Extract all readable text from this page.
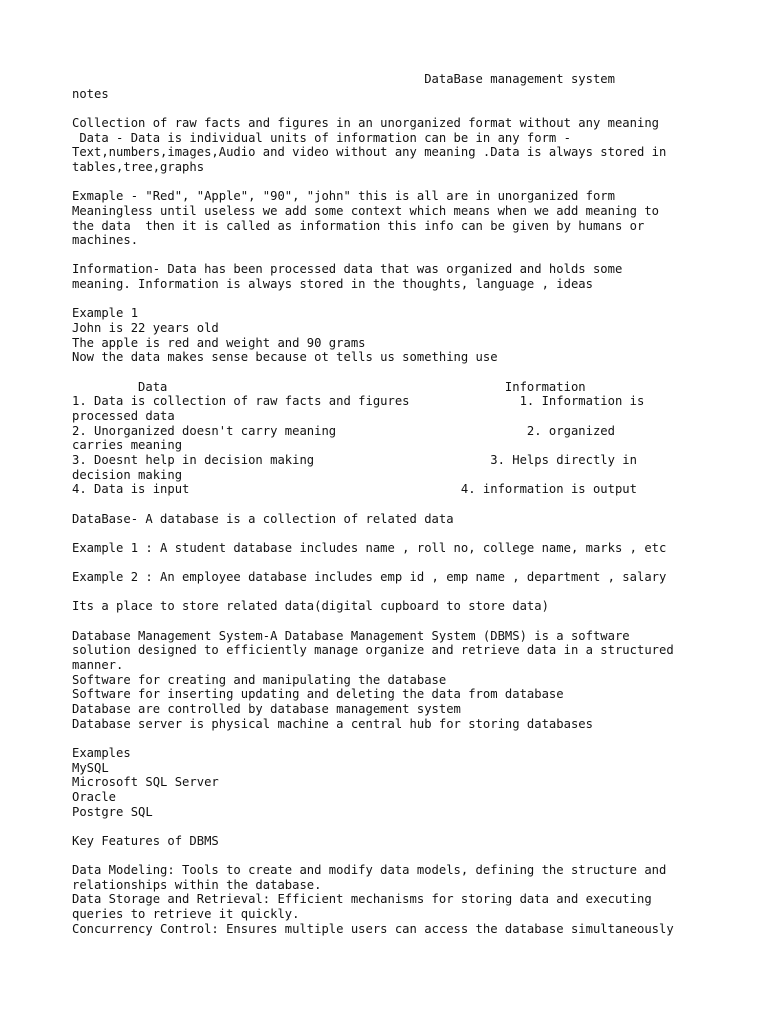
DataBase management system
notes
Collection of raw facts and figures in an unorganized format without any meaning
Data - Data is individual units of information can be in any form -
Text,numbers,images,Audio and video without any meaning .Data is always stored in
tables,tree,graphs
Exmaple - "Red", "Apple", "90", "john" this is all are in unorganized form
Meaningless until useless we add some context which means when we add meaning to
the data  then it is called as information this info can be given by humans or
machines.
Information- Data has been processed data that was organized and holds some
meaning. Information is always stored in the thoughts, language , ideas
Example 1
John is 22 years old
The apple is red and weight and 90 grams
Now the data makes sense because ot tells us something use
Data                                              Information
1. Data is collection of raw facts and figures               1. Information is
processed data
2. Unorganized doesn't carry meaning                          2. organized
carries meaning
3. Doesnt help in decision making                        3. Helps directly in
decision making
4. Data is input                                     4. information is output
DataBase- A database is a collection of related data
Example 1 : A student database includes name , roll no, college name, marks , etc
Example 2 : An employee database includes emp id , emp name , department , salary
Its a place to store related data(digital cupboard to store data)
Database Management System-A Database Management System (DBMS) is a software
solution designed to efficiently manage organize and retrieve data in a structured
manner.
Software for creating and manipulating the database
Software for inserting updating and deleting the data from database
Database are controlled by database management system
Database server is physical machine a central hub for storing databases
Examples
MySQL
Microsoft SQL Server
Oracle
Postgre SQL
Key Features of DBMS
Data Modeling: Tools to create and modify data models, defining the structure and
relationships within the database.
Data Storage and Retrieval: Efficient mechanisms for storing data and executing
queries to retrieve it quickly.
Concurrency Control: Ensures multiple users can access the database simultaneously
